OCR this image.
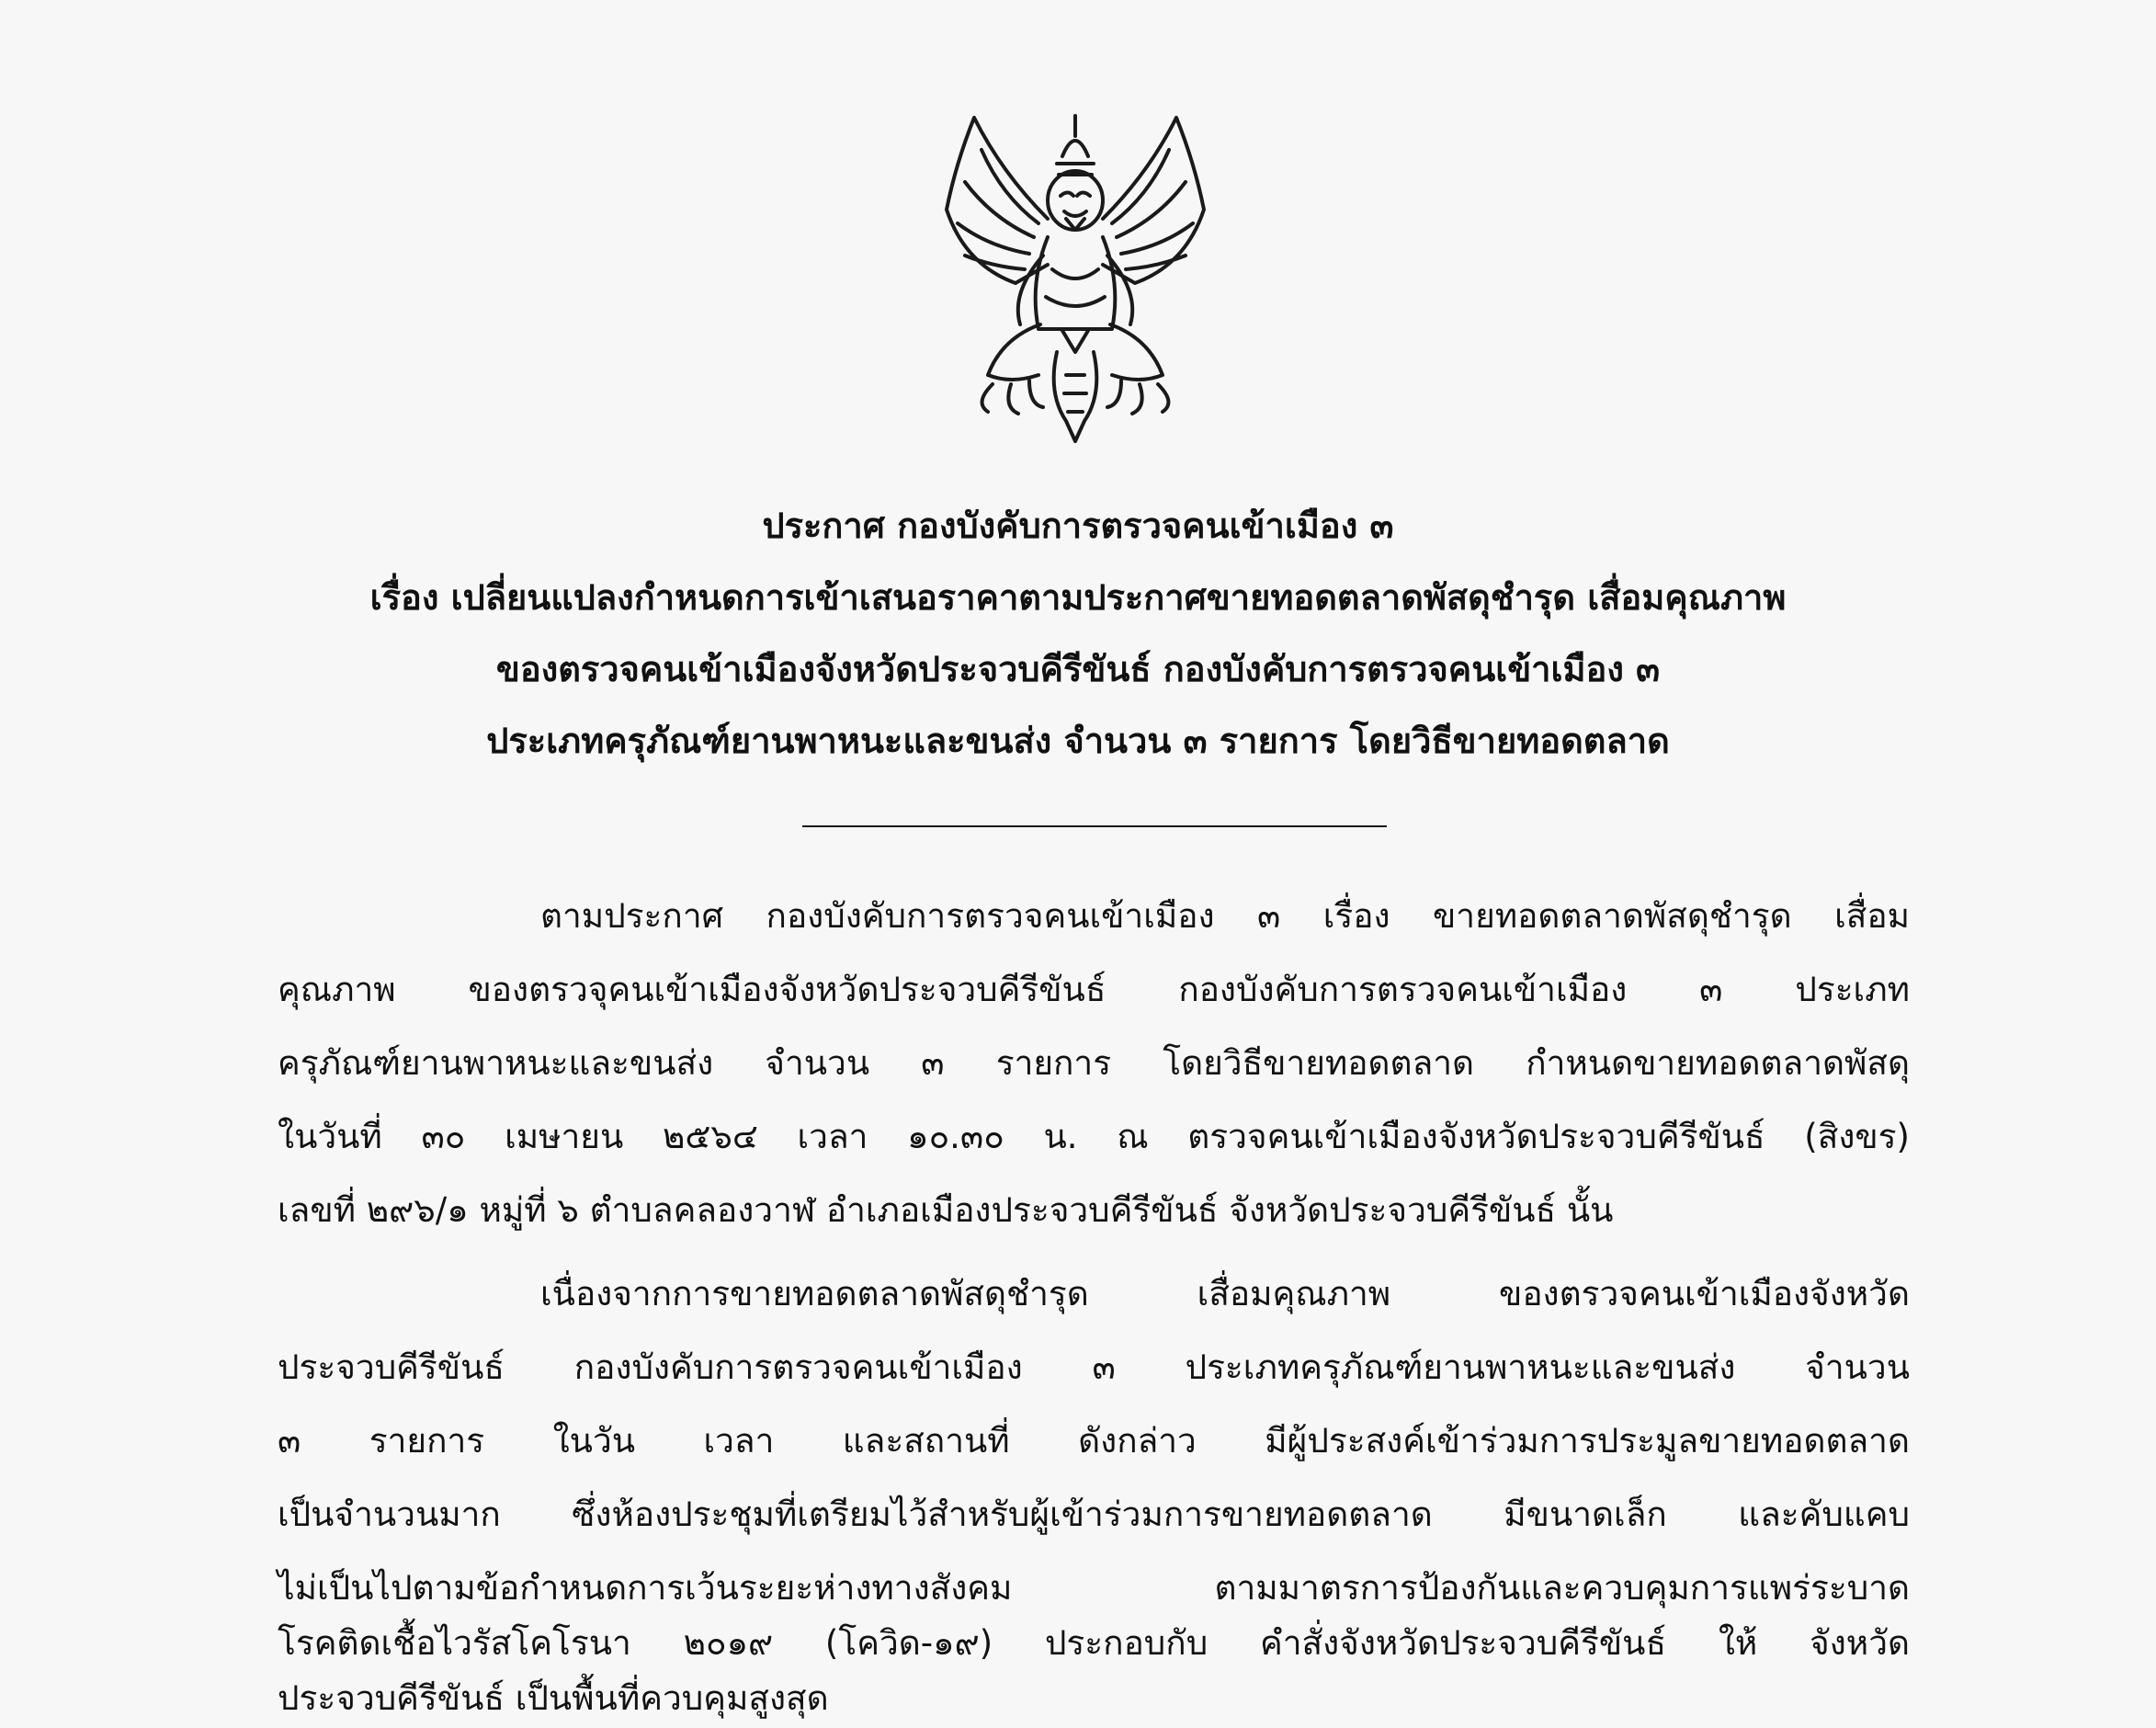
ประกาศ กองบังคับการตรวจคนเข้าเมือง ๓
เรื่อง เปลี่ยนแปลงกำหนดการเข้าเสนอราคาตามประกาศขายทอดตลาดพัสดุชำรุด เสื่อมคุณภาพ
ของตรวจคนเข้าเมืองจังหวัดประจวบคีรีขันธ์ กองบังคับการตรวจคนเข้าเมือง ๓
ประเภทครุภัณฑ์ยานพาหนะและขนส่ง จำนวน ๓ รายการ โดยวิธีขายทอดตลาด
ตามประกาศ กองบังคับการตรวจคนเข้าเมือง ๓ เรื่อง ขายทอดตลาดพัสดุชำรุด เสื่อม
คุณภาพ ของตรวจุคนเข้าเมืองจังหวัดประจวบคีรีขันธ์ กองบังคับการตรวจคนเข้าเมือง ๓ ประเภท
ครุภัณฑ์ยานพาหนะและขนส่ง จำนวน ๓ รายการ โดยวิธีขายทอดตลาด กำหนดขายทอดตลาดพัสดุ
ในวันที่ ๓๐ เมษายน ๒๕๖๔ เวลา ๑๐.๓๐ น. ณ ตรวจคนเข้าเมืองจังหวัดประจวบคีรีขันธ์ (สิงขร)
เลขที่ ๒๙๖/๑ หมู่ที่ ๖ ตำบลคลองวาฬ อำเภอเมืองประจวบคีรีขันธ์ จังหวัดประจวบคีรีขันธ์ นั้น
เนื่องจากการขายทอดตลาดพัสดุชำรุด เสื่อมคุณภาพ ของตรวจคนเข้าเมืองจังหวัด
ประจวบคีรีขันธ์ กองบังคับการตรวจคนเข้าเมือง ๓ ประเภทครุภัณฑ์ยานพาหนะและขนส่ง จำนวน
๓ รายการ ในวัน เวลา และสถานที่ ดังกล่าว มีผู้ประสงค์เข้าร่วมการประมูลขายทอดตลาด
เป็นจำนวนมาก ซึ่งห้องประชุมที่เตรียมไว้สำหรับผู้เข้าร่วมการขายทอดตลาด มีขนาดเล็ก และคับแคบ
ไม่เป็นไปตามข้อกำหนดการเว้นระยะห่างทางสังคม ตามมาตรการป้องกันและควบคุมการแพร่ระบาด
โรคติดเชื้อไวรัสโคโรนา ๒๐๑๙ (โควิด-๑๙) ประกอบกับ คำสั่งจังหวัดประจวบคีรีขันธ์ ให้ จังหวัด
ประจวบคีรีขันธ์ เป็นพื้นที่ควบคุมสูงสุด
